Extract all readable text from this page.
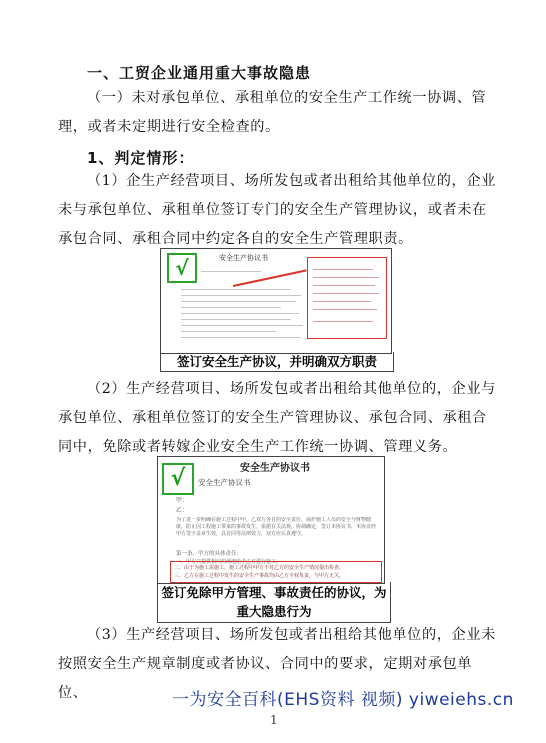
一、工贸企业通用重大事故隐患

（一）未对承包单位、承租单位的安全生产工作统一协调、管理，或者未定期进行安全检查的。

1、判定情形：

（1）企生产经营项目、场所发包或者出租给其他单位的，企业未与承包单位、承租单位签订专门的安全生产管理协议，或者未在承包合同、承租合同中约定各自的安全生产管理职责。

√	安全生产协议书
签订安全生产协议，并明确双方职责

（2）生产经营项目、场所发包或者出租给其他单位的，企业与承包单位、承租单位签订的安全生产管理协议、承包合同、承租合同中，免除或者转嫁企业安全生产工作统一协调、管理义务。

√	安全生产协议书
安全生产协议书
甲：
乙：
为了进一步明确在施工过程中甲、乙双方各自的安全责任，保护施工人员的安全与财物健康，防止因工程施工带来的事故发生，依据有关法规，协调确定，签订本协议书，本协议经甲方签字盖章生效，具有同等法律效力，双方应认真遵守。
第一条、甲方的具体责任：
一、甲方只提供相应的场地给予乙方进行施工。
二、由于为施工需施工，施工过程中甲方不对乙方的安全生产情况提出检查。
三、乙方在施工过程中发生的安全生产事故均由乙方全权负责，与甲方无关。
签订免除甲方管理、事故责任的协议，为重大隐患行为

（3）生产经营项目、场所发包或者出租给其他单位的，企业未按照安全生产规章制度或者协议、合同中的要求，定期对承包单位、	一为安全百科(EHS资料 视频) yiweiehs.cn
1
